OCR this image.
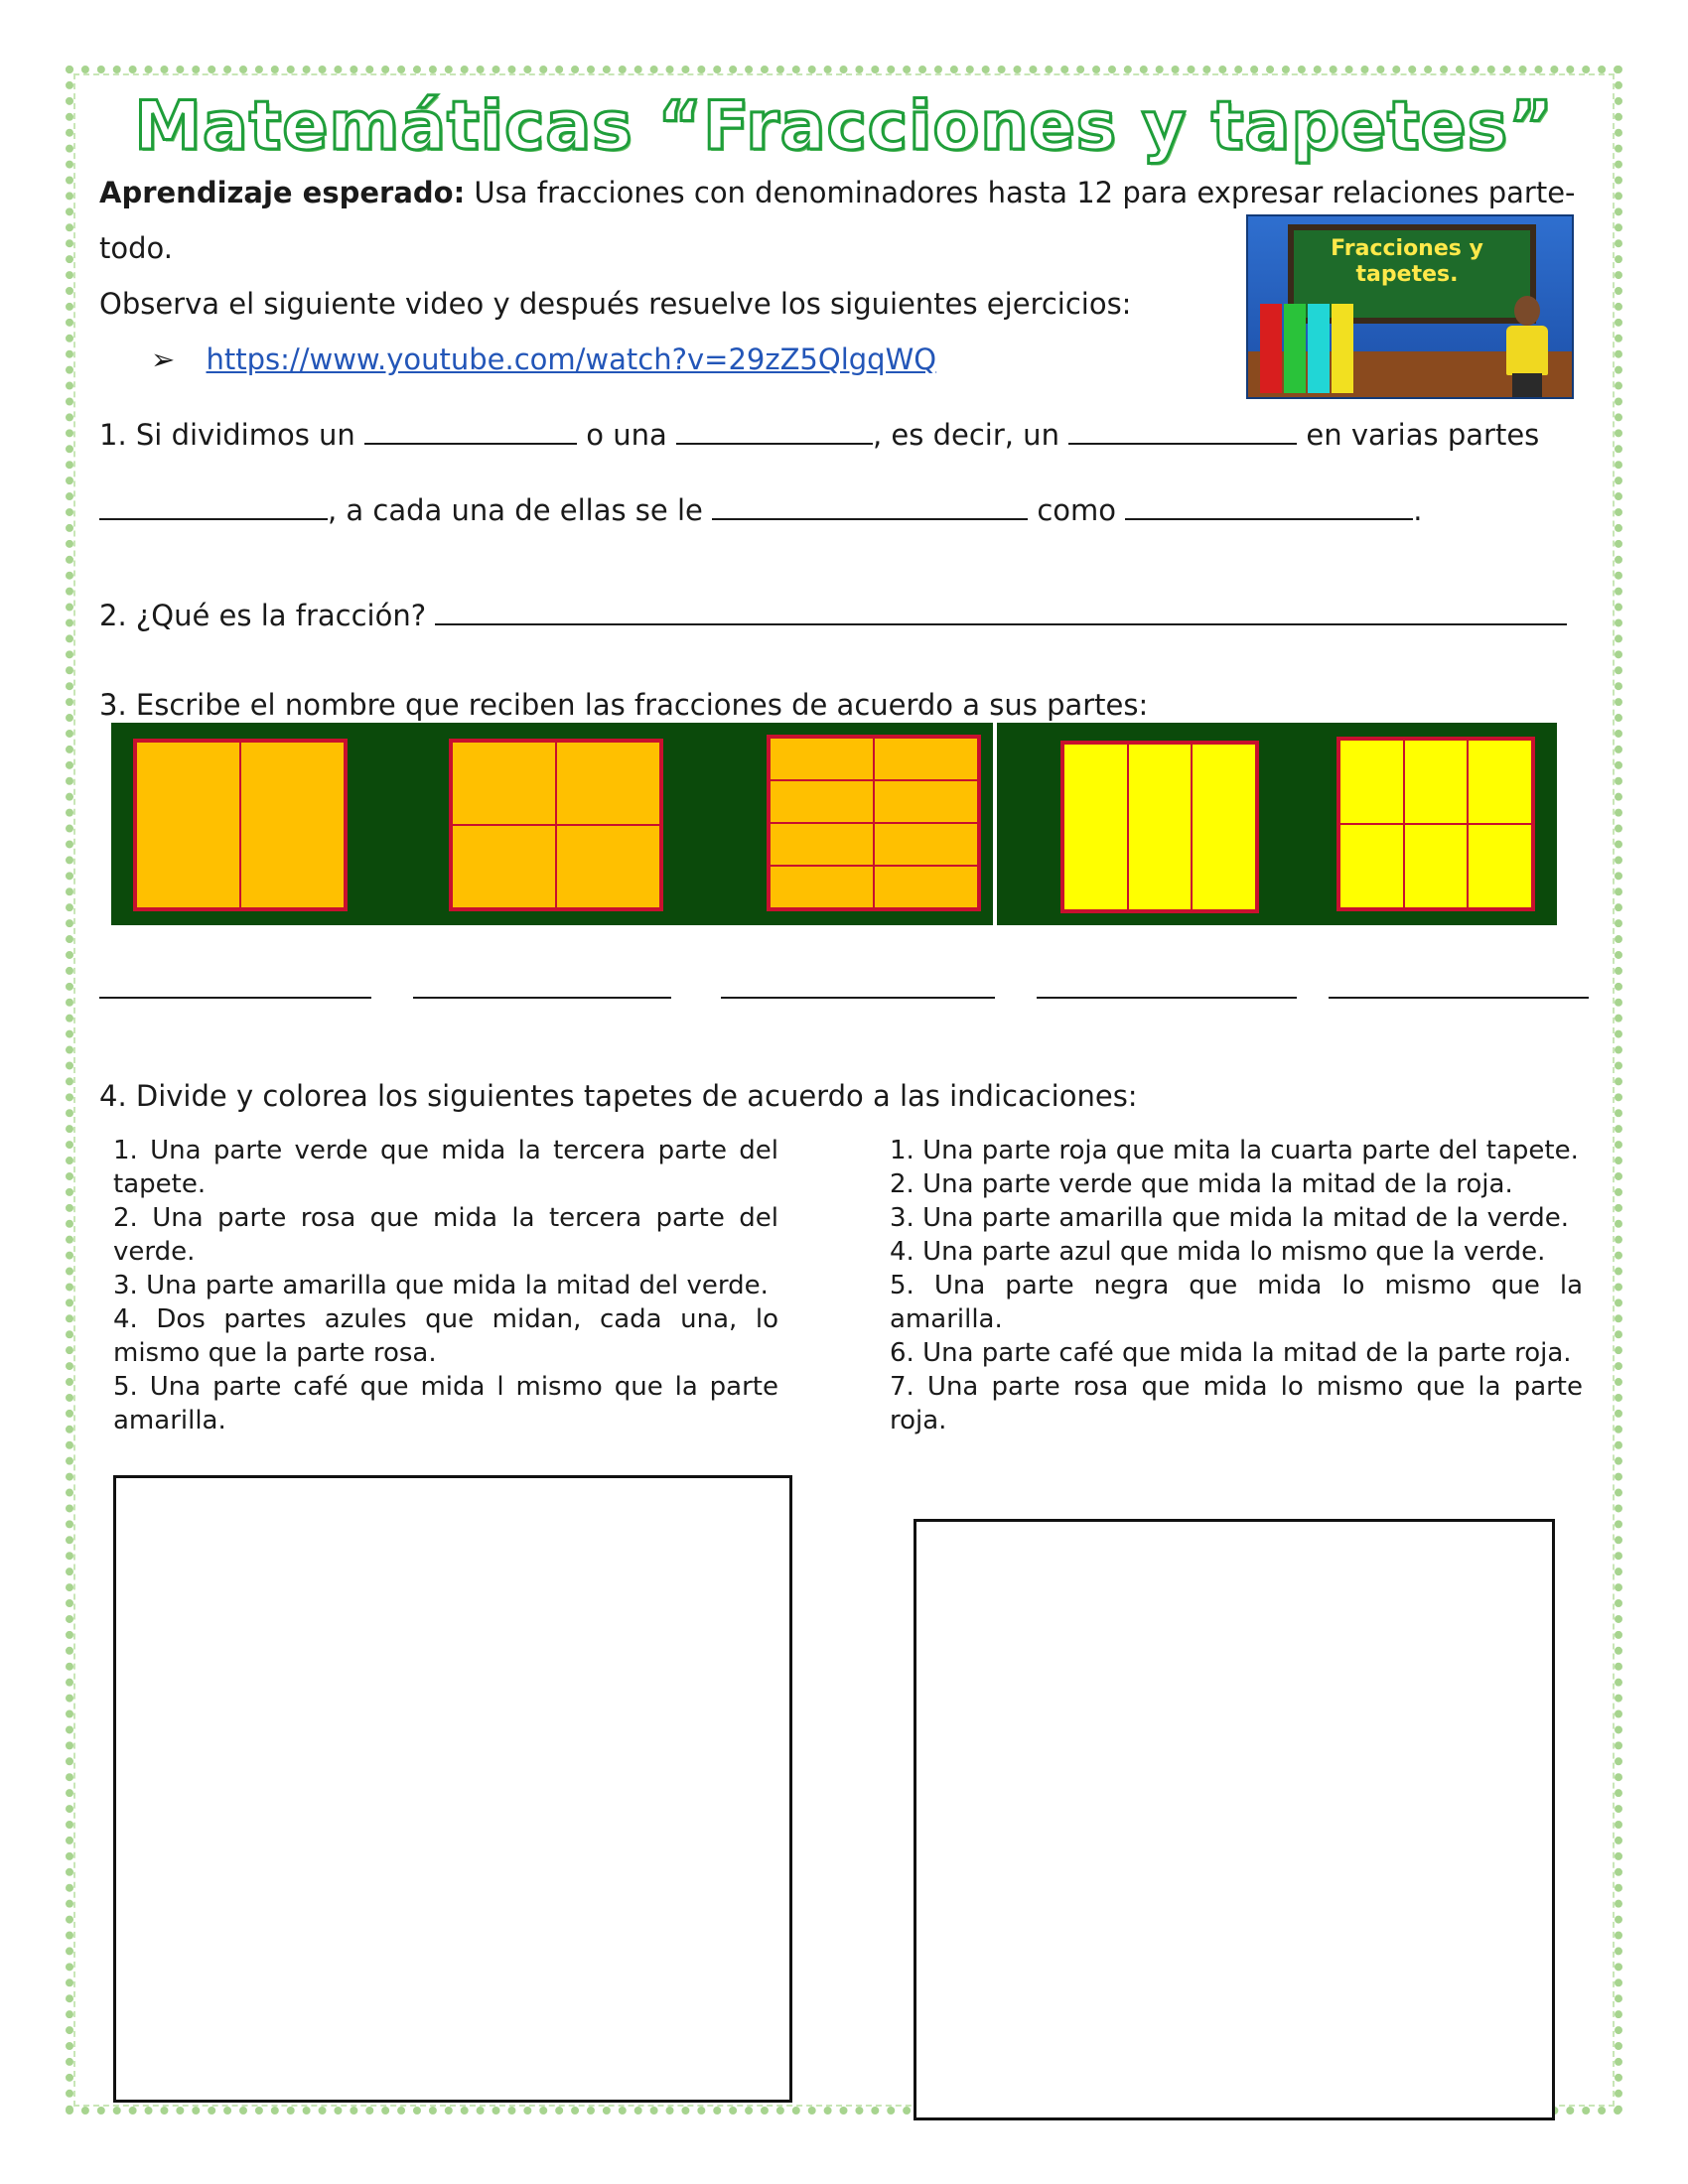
Matemáticas “Fracciones y tapetes”
Aprendizaje esperado: Usa fracciones con denominadores hasta 12 para expresar relaciones parte-
todo.
Observa el siguiente video y después resuelve los siguientes ejercicios:
➢ https://www.youtube.com/watch?v=29zZ5QlgqWQ
Fracciones y tapetes.
1. Si dividimos un	o una	, es decir, un	en varias partes
, a cada una de ellas se le	como	.
2. ¿Qué es la fracción?
3. Escribe el nombre que reciben las fracciones de acuerdo a sus partes:
4. Divide y colorea los siguientes tapetes de acuerdo a las indicaciones:

1. Una parte verde que mida la tercera parte del tapete.

2. Una parte rosa que mida la tercera parte del verde.

3. Una parte amarilla que mida la mitad del verde.

4. Dos partes azules que midan, cada una, lo mismo que la parte rosa.

5. Una parte café que mida l mismo que la parte amarilla.

1. Una parte roja que mita la cuarta parte del tapete.

2. Una parte verde que mida la mitad de la roja.

3. Una parte amarilla que mida la mitad de la verde.

4. Una parte azul que mida lo mismo que la verde.

5. Una parte negra que mida lo mismo que la amarilla.

6. Una parte café que mida la mitad de la parte roja.

7. Una parte rosa que mida lo mismo que la parte roja.
